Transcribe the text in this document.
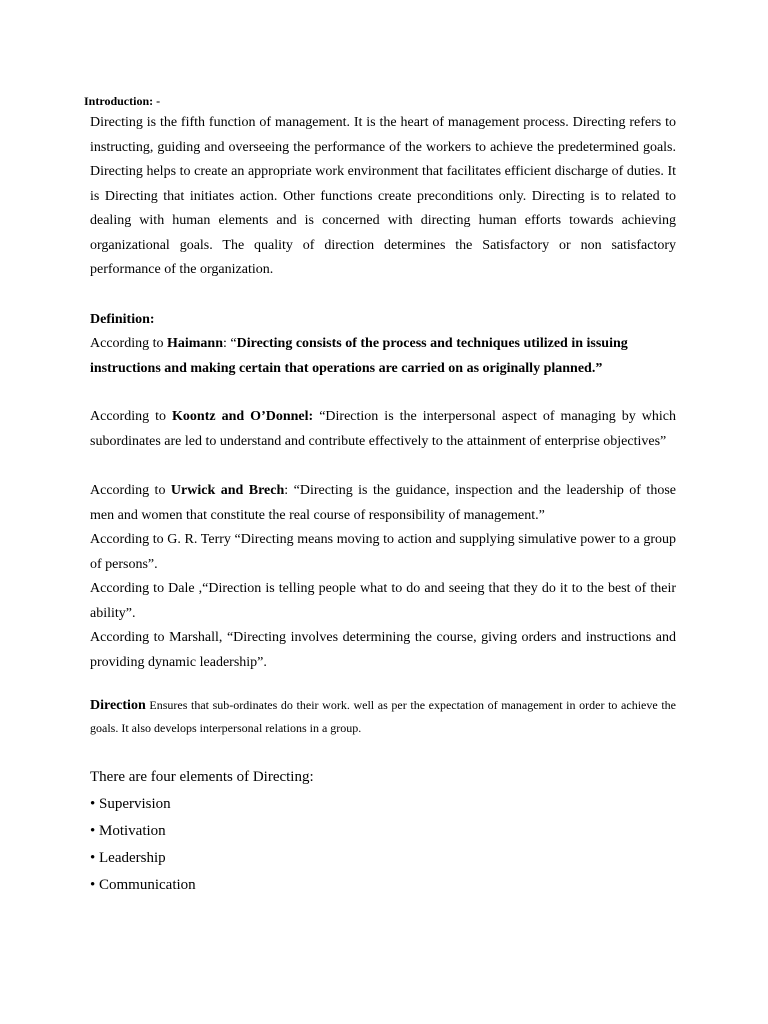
Introduction: -

Directing is the fifth function of management. It is the heart of management process. Directing refers to instructing, guiding and overseeing the performance of the workers to achieve the predetermined goals. Directing helps to create an appropriate work environment that facilitates efficient discharge of duties. It is Directing that initiates action. Other functions create preconditions only. Directing is to related to dealing with human elements and is concerned with directing human efforts towards achieving organizational goals. The quality of direction determines the Satisfactory or non satisfactory performance of the organization.

Definition:

According to Haimann: “Directing consists of the process and techniques utilized in issuing instructions and making certain that operations are carried on as originally planned.”

According to Koontz and O’Donnel: “Direction is the interpersonal aspect of managing by which subordinates are led to understand and contribute effectively to the attainment of enterprise objectives”

According to Urwick and Brech: “Directing is the guidance, inspection and the leadership of those men and women that constitute the real course of responsibility of management.”

According to G. R. Terry “Directing means moving to action and supplying simulative power to a group of persons”.

According to Dale ,“Direction is telling people what to do and seeing that they do it to the best of their ability”.

According to Marshall, “Directing involves determining the course, giving orders and instructions and providing dynamic leadership”.

Direction Ensures that sub-ordinates do their work. well as per the expectation of management in order to achieve the goals. It also develops interpersonal relations in a group.

There are four elements of Directing:

• Supervision

• Motivation

• Leadership

• Communication
